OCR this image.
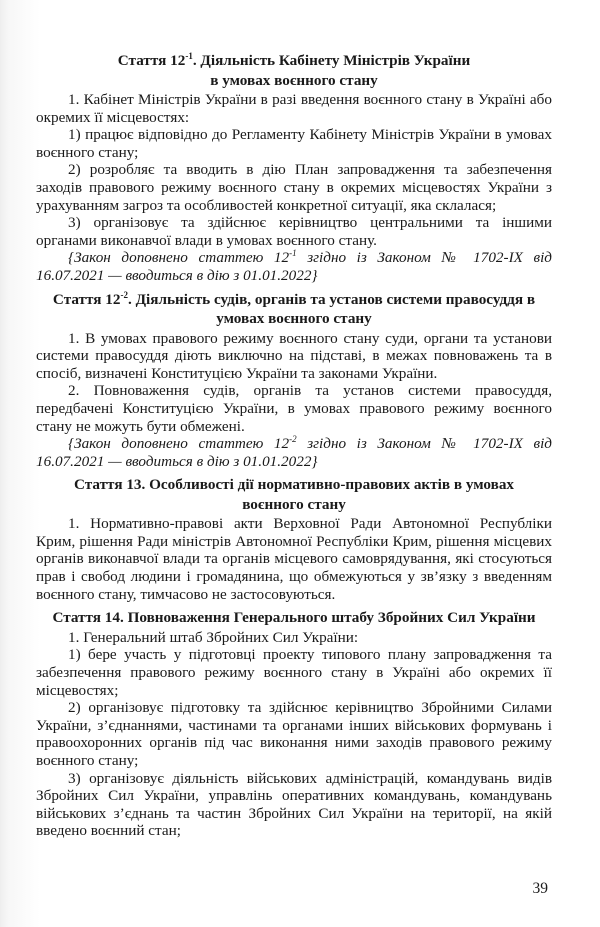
Стаття $12^{-1}$. Діяльність Кабінету Міністрів України
в умовах воєнного стану

1. Кабінет Міністрів України в разі введення воєнного стану в Україні або окремих її місцевостях:

1) працює відповідно до Регламенту Кабінету Міністрів України в умовах воєнного стану;

2) розробляє та вводить в дію План запровадження та забезпечення заходів правового режиму воєнного стану в окремих місцевостях України з урахуванням загроз та особливостей конкретної ситуації, яка склалася;

3) організовує та здійснює керівництво центральними та іншими органами виконавчої влади в умовах воєнного стану.

{Закон доповнено статтею $12^{-1}$ згідно із Законом № 1702-IX від 16.07.2021 — вводиться в дію з 01.01.2022}

Стаття $12^{-2}$. Діяльність судів, органів та установ системи правосуддя в
умовах воєнного стану

1. В умовах правового режиму воєнного стану суди, органи та установи системи правосуддя діють виключно на підставі, в межах повноважень та в спосіб, визначені Конституцією України та законами України.

2. Повноваження судів, органів та установ системи правосуддя, передбачені Конституцією України, в умовах правового режиму воєнного стану не можуть бути обмежені.

{Закон доповнено статтею $12^{-2}$ згідно із Законом № 1702-IX від 16.07.2021 — вводиться в дію з 01.01.2022}

Стаття 13. Особливості дії нормативно-правових актів в умовах
воєнного стану

1. Нормативно-правові акти Верховної Ради Автономної Республіки Крим, рішення Ради міністрів Автономної Республіки Крим, рішення місцевих органів виконавчої влади та органів місцевого самоврядування, які стосуються прав і свобод людини і громадянина, що обмежуються у зв’язку з введенням воєнного стану, тимчасово не застосовуються.

Стаття 14. Повноваження Генерального штабу Збройних Сил України

1. Генеральний штаб Збройних Сил України:

1) бере участь у підготовці проекту типового плану запровадження та забезпечення правового режиму воєнного стану в Україні або окремих її місцевостях;

2) організовує підготовку та здійснює керівництво Збройними Силами України, з’єднаннями, частинами та органами інших військових формувань і правоохоронних органів під час виконання ними заходів правового режиму воєнного стану;

3) організовує діяльність військових адміністрацій, командувань видів Збройних Сил України, управлінь оперативних командувань, командувань військових з’єднань та частин Збройних Сил України на території, на якій введено воєнний стан;

39
